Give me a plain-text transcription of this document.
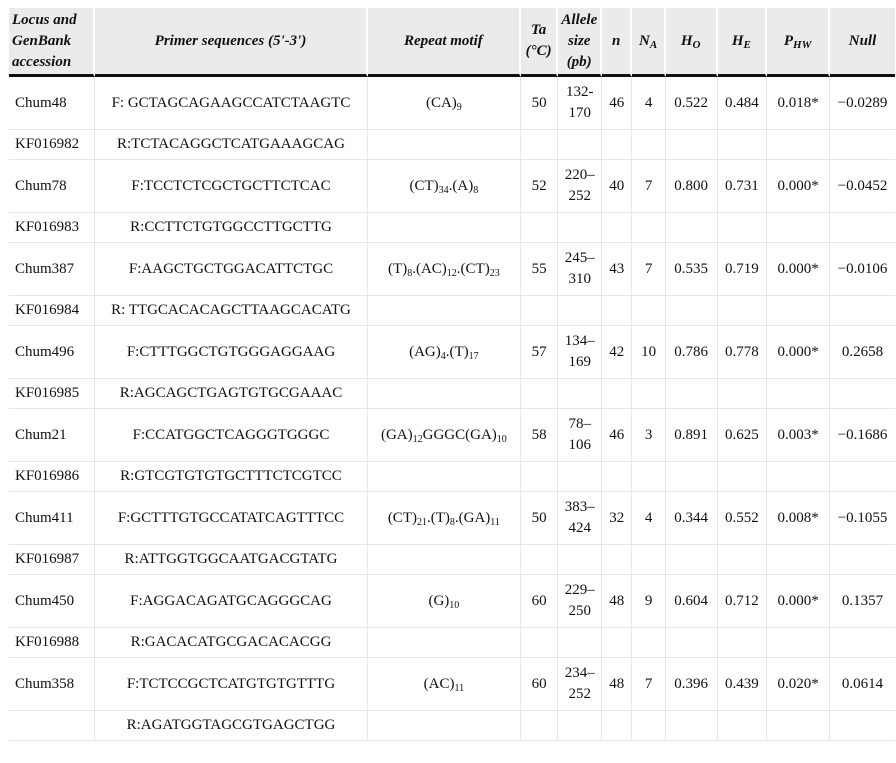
Locus and GenBank accession	Primer sequences (5'-3')	Repeat motif	Ta (°C)	Allele size (pb)	n	$N_A$	$H_O$	$H_E$	$P_{HW}$	Null
Chum48	F: GCTAGCAGAAGCCATCTAAGTC	$(CA)_9$	50	132-170	46	4	0.522	0.484	0.018*	−0.0289
KF016982	R:TCTACAGGCTCATGAAAGCAG									
Chum78	F:TCCTCTCGCTGCTTCTCAC	$(CT)_{34}.(A)_8$	52	220–252	40	7	0.800	0.731	0.000*	−0.0452
KF016983	R:CCTTCTGTGGCCTTGCTTG									
Chum387	F:AAGCTGCTGGACATTCTGC	$(T)_8.(AC)_{12}.(CT)_{23}$	55	245–310	43	7	0.535	0.719	0.000*	−0.0106
KF016984	R: TTGCACACAGCTTAAGCACATG									
Chum496	F:CTTTGGCTGTGGGAGGAAG	$(AG)_4.(T)_{17}$	57	134–169	42	10	0.786	0.778	0.000*	0.2658
KF016985	R:AGCAGCTGAGTGTGCGAAAC									
Chum21	F:CCATGGCTCAGGGTGGGC	$(GA)_{12}GGGC(GA)_{10}$	58	78–106	46	3	0.891	0.625	0.003*	−0.1686
KF016986	R:GTCGTGTGTGCTTTCTCGTCC									
Chum411	F:GCTTTGTGCCATATCAGTTTCC	$(CT)_{21}.(T)_8.(GA)_{11}$	50	383–424	32	4	0.344	0.552	0.008*	−0.1055
KF016987	R:ATTGGTGGCAATGACGTATG									
Chum450	F:AGGACAGATGCAGGGCAG	$(G)_{10}$	60	229–250	48	9	0.604	0.712	0.000*	0.1357
KF016988	R:GACACATGCGACACACGG									
Chum358	F:TCTCCGCTCATGTGTGTTTG	$(AC)_{11}$	60	234–252	48	7	0.396	0.439	0.020*	0.0614
	R:AGATGGTAGCGTGAGCTGG									
